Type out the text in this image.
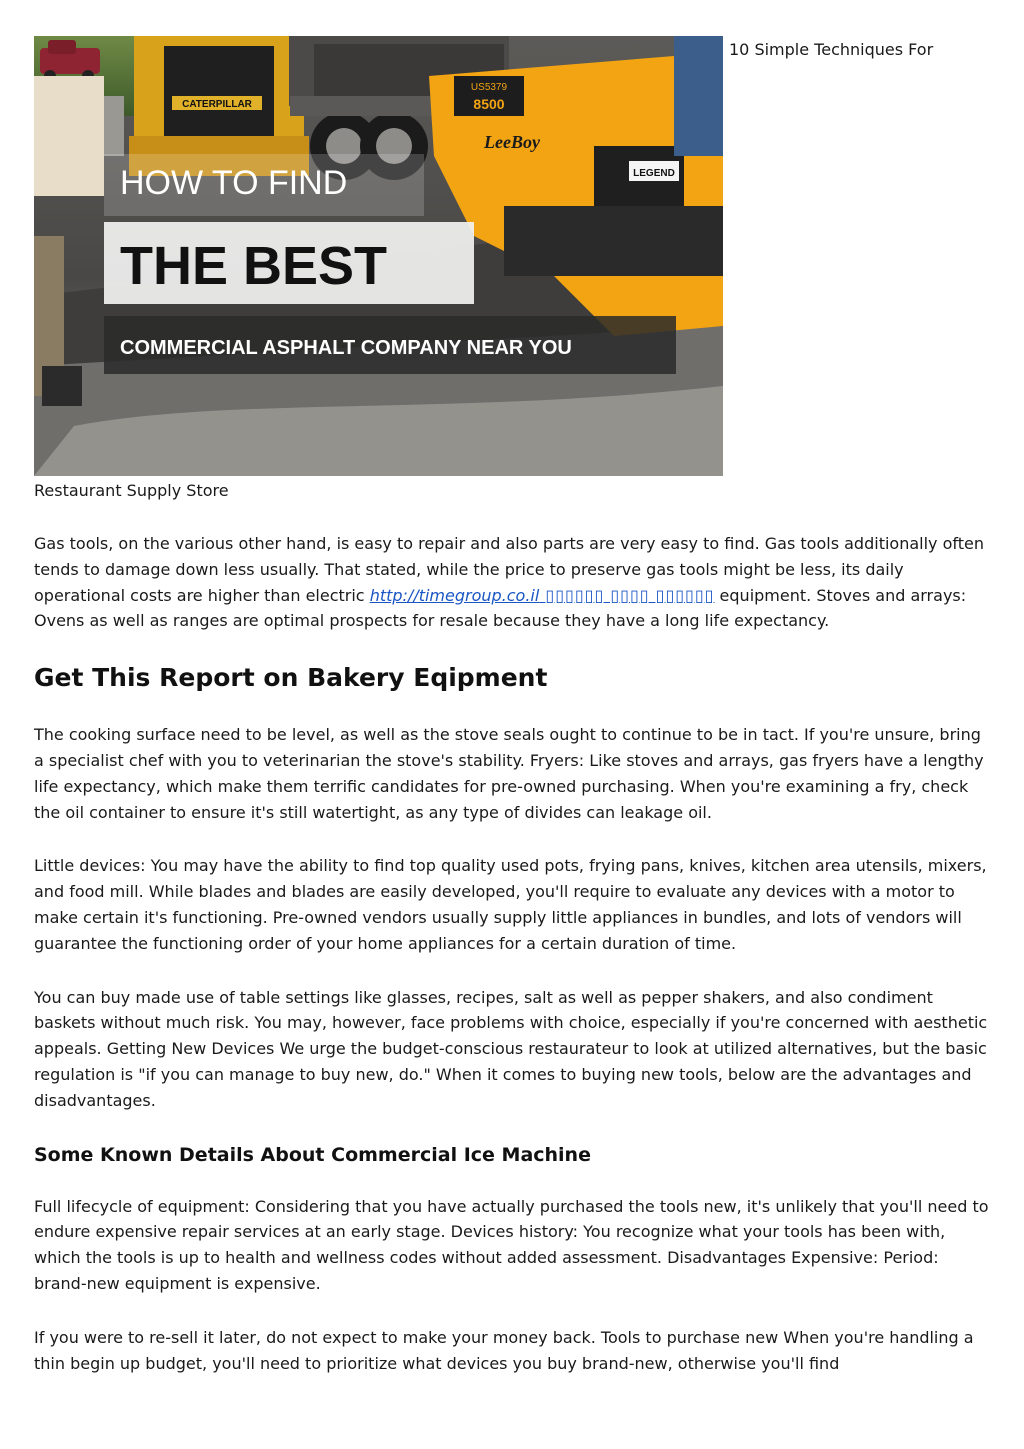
CATERPILLAR
US5379
8500
LeeBoy
LEGEND
HOW TO FIND
THE BEST
COMMERCIAL ASPHALT COMPANY NEAR YOU
10 Simple Techniques For
Restaurant Supply Store

Gas tools, on the various other hand, is easy to repair and also parts are very easy to find. Gas tools additionally often tends to damage down less usually. That stated, while the price to preserve gas tools might be less, its daily operational costs are higher than electric http://timegroup.co.il ▯▯▯▯▯▯ ▯▯▯▯ ▯▯▯▯▯▯ equipment. Stoves and arrays: Ovens as well as ranges are optimal prospects for resale because they have a long life expectancy.

Get This Report on Bakery Eqipment

The cooking surface need to be level, as well as the stove seals ought to continue to be in tact. If you're unsure, bring a specialist chef with you to veterinarian the stove's stability. Fryers: Like stoves and arrays, gas fryers have a lengthy life expectancy, which make them terrific candidates for pre-owned purchasing. When you're examining a fry, check the oil container to ensure it's still watertight, as any type of divides can leakage oil.

Little devices: You may have the ability to find top quality used pots, frying pans, knives, kitchen area utensils, mixers, and food mill. While blades and blades are easily developed, you'll require to evaluate any devices with a motor to make certain it's functioning. Pre-owned vendors usually supply little appliances in bundles, and lots of vendors will guarantee the functioning order of your home appliances for a certain duration of time.

You can buy made use of table settings like glasses, recipes, salt as well as pepper shakers, and also condiment baskets without much risk. You may, however, face problems with choice, especially if you're concerned with aesthetic appeals. Getting New Devices We urge the budget-conscious restaurateur to look at utilized alternatives, but the basic regulation is "if you can manage to buy new, do." When it comes to buying new tools, below are the advantages and disadvantages.

Some Known Details About Commercial Ice Machine

Full lifecycle of equipment: Considering that you have actually purchased the tools new, it's unlikely that you'll need to endure expensive repair services at an early stage. Devices history: You recognize what your tools has been with, which the tools is up to health and wellness codes without added assessment. Disadvantages Expensive: Period: brand-new equipment is expensive.

If you were to re-sell it later, do not expect to make your money back. Tools to purchase new When you're handling a thin begin up budget, you'll need to prioritize what devices you buy brand-new, otherwise you'll find
